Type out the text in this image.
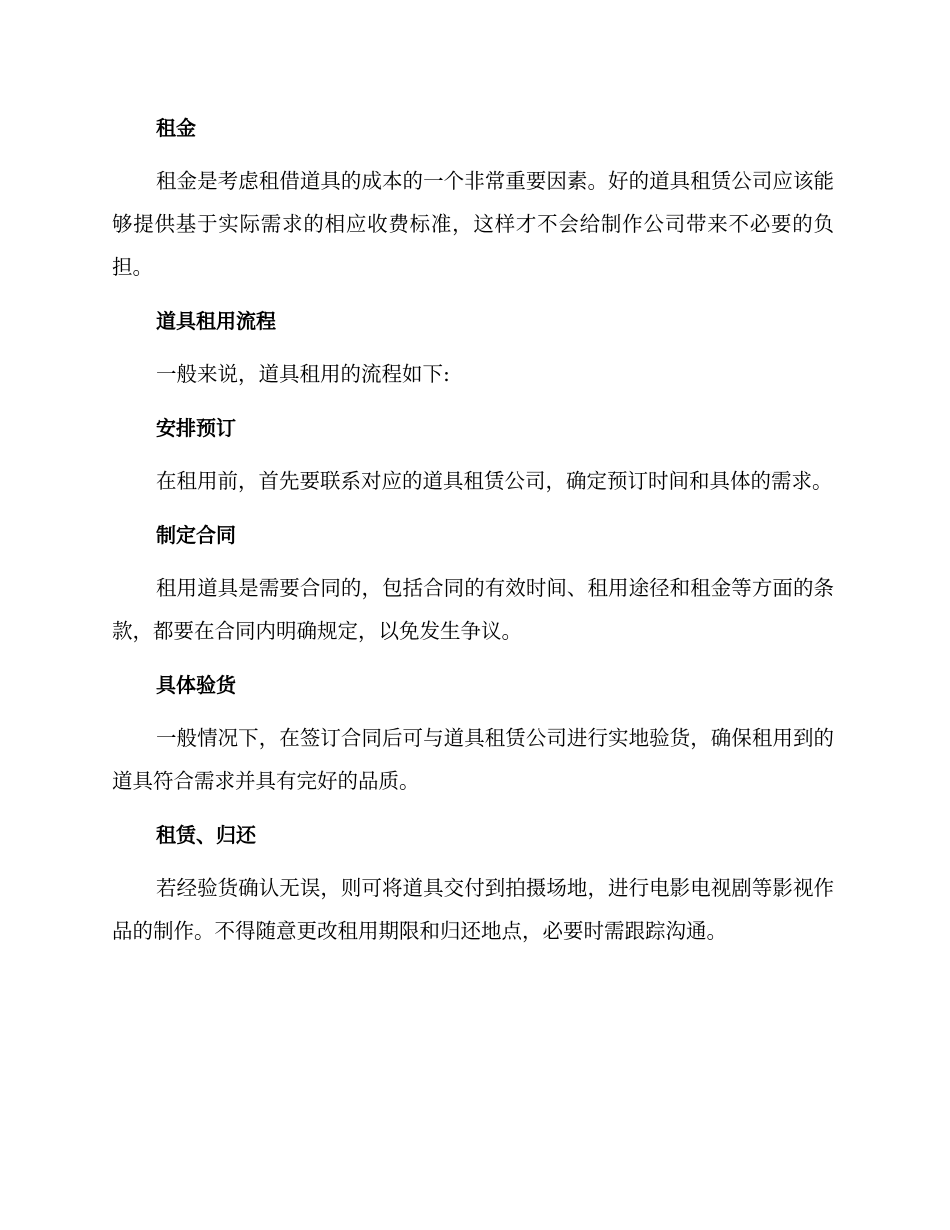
租金

租金是考虑租借道具的成本的一个非常重要因素。好的道具租赁公司应该能够提供基于实际需求的相应收费标准，这样才不会给制作公司带来不必要的负担。

道具租用流程

一般来说，道具租用的流程如下:

安排预订

在租用前，首先要联系对应的道具租赁公司，确定预订时间和具体的需求。

制定合同

租用道具是需要合同的，包括合同的有效时间、租用途径和租金等方面的条款，都要在合同内明确规定，以免发生争议。

具体验货

一般情况下，在签订合同后可与道具租赁公司进行实地验货，确保租用到的道具符合需求并具有完好的品质。

租赁、归还

若经验货确认无误，则可将道具交付到拍摄场地，进行电影电视剧等影视作品的制作。不得随意更改租用期限和归还地点，必要时需跟踪沟通。
